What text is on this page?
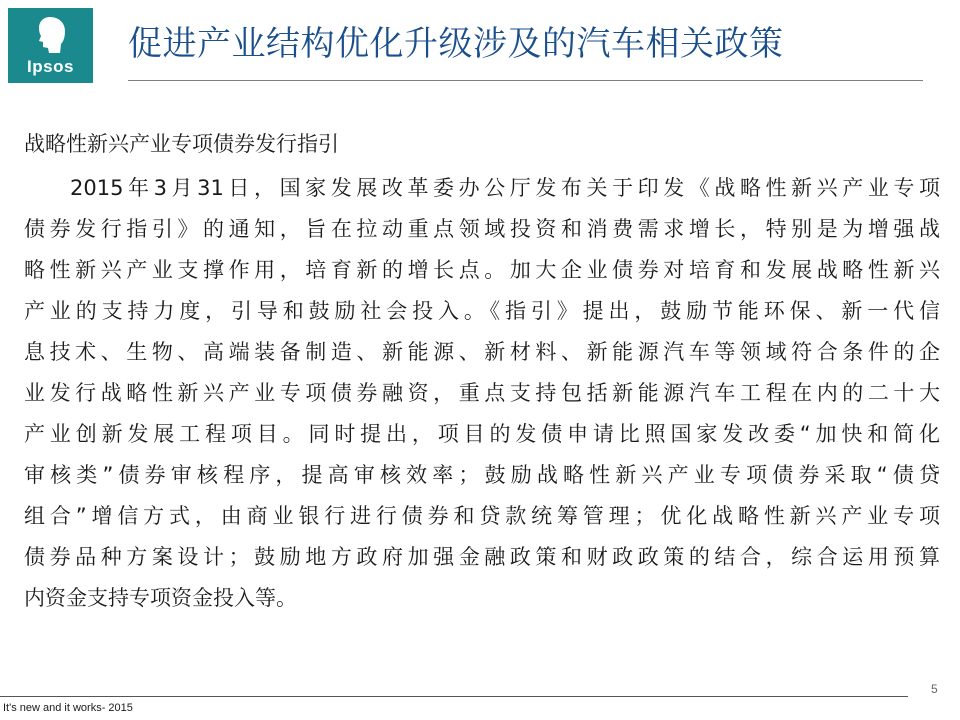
Ipsos
促进产业结构优化升级涉及的汽车相关政策
战略性新兴产业专项债券发行指引
2015年3月31日，国家发展改革委办公厅发布关于印发《战略性新兴产业专项
债券发行指引》的通知，旨在拉动重点领域投资和消费需求增长，特别是为增强战
略性新兴产业支撑作用，培育新的增长点。加大企业债券对培育和发展战略性新兴
产业的支持力度，引导和鼓励社会投入。《指引》提出，鼓励节能环保、新一代信
息技术、生物、高端装备制造、新能源、新材料、新能源汽车等领域符合条件的企
业发行战略性新兴产业专项债券融资，重点支持包括新能源汽车工程在内的二十大
产业创新发展工程项目。同时提出，项目的发债申请比照国家发改委“加快和简化
审核类”债券审核程序，提高审核效率；鼓励战略性新兴产业专项债券采取“债贷
组合”增信方式，由商业银行进行债券和贷款统筹管理；优化战略性新兴产业专项
债券品种方案设计；鼓励地方政府加强金融政策和财政政策的结合，综合运用预算
内资金支持专项资金投入等。
5
It's new and it works- 2015
